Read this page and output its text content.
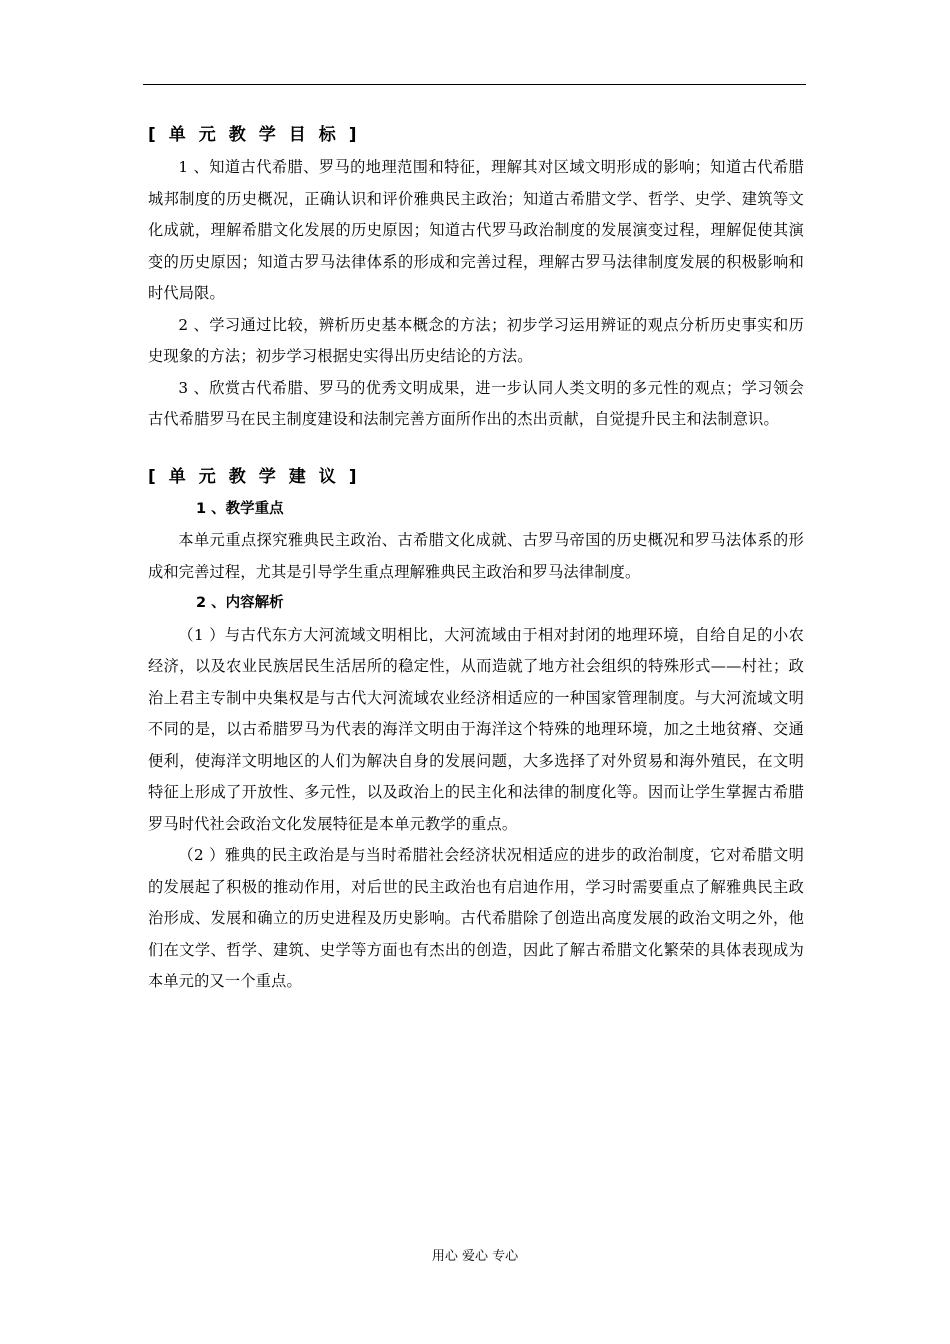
[单元教学目标]

1 、知道古代希腊、罗马的地理范围和特征，理解其对区域文明形成的影响；知道古代希腊城邦制度的历史概况，正确认识和评价雅典民主政治；知道古希腊文学、哲学、史学、建筑等文化成就，理解希腊文化发展的历史原因；知道古代罗马政治制度的发展演变过程，理解促使其演变的历史原因；知道古罗马法律体系的形成和完善过程，理解古罗马法律制度发展的积极影响和时代局限。

2 、学习通过比较，辨析历史基本概念的方法；初步学习运用辨证的观点分析历史事实和历史现象的方法；初步学习根据史实得出历史结论的方法。

3 、欣赏古代希腊、罗马的优秀文明成果，进一步认同人类文明的多元性的观点；学习领会古代希腊罗马在民主制度建设和法制完善方面所作出的杰出贡献，自觉提升民主和法制意识。

[单元教学建议]

1 、教学重点

本单元重点探究雅典民主政治、古希腊文化成就、古罗马帝国的历史概况和罗马法体系的形成和完善过程，尤其是引导学生重点理解雅典民主政治和罗马法律制度。

2 、内容解析

（1 ）与古代东方大河流域文明相比，大河流域由于相对封闭的地理环境，自给自足的小农经济，以及农业民族居民生活居所的稳定性，从而造就了地方社会组织的特殊形式——村社；政治上君主专制中央集权是与古代大河流域农业经济相适应的一种国家管理制度。与大河流域文明不同的是，以古希腊罗马为代表的海洋文明由于海洋这个特殊的地理环境，加之土地贫瘠、交通便利，使海洋文明地区的人们为解决自身的发展问题，大多选择了对外贸易和海外殖民，在文明特征上形成了开放性、多元性，以及政治上的民主化和法律的制度化等。因而让学生掌握古希腊罗马时代社会政治文化发展特征是本单元教学的重点。

（2 ）雅典的民主政治是与当时希腊社会经济状况相适应的进步的政治制度，它对希腊文明的发展起了积极的推动作用，对后世的民主政治也有启迪作用，学习时需要重点了解雅典民主政治形成、发展和确立的历史进程及历史影响。古代希腊除了创造出高度发展的政治文明之外，他们在文学、哲学、建筑、史学等方面也有杰出的创造，因此了解古希腊文化繁荣的具体表现成为本单元的又一个重点。

用心 爱心 专心
